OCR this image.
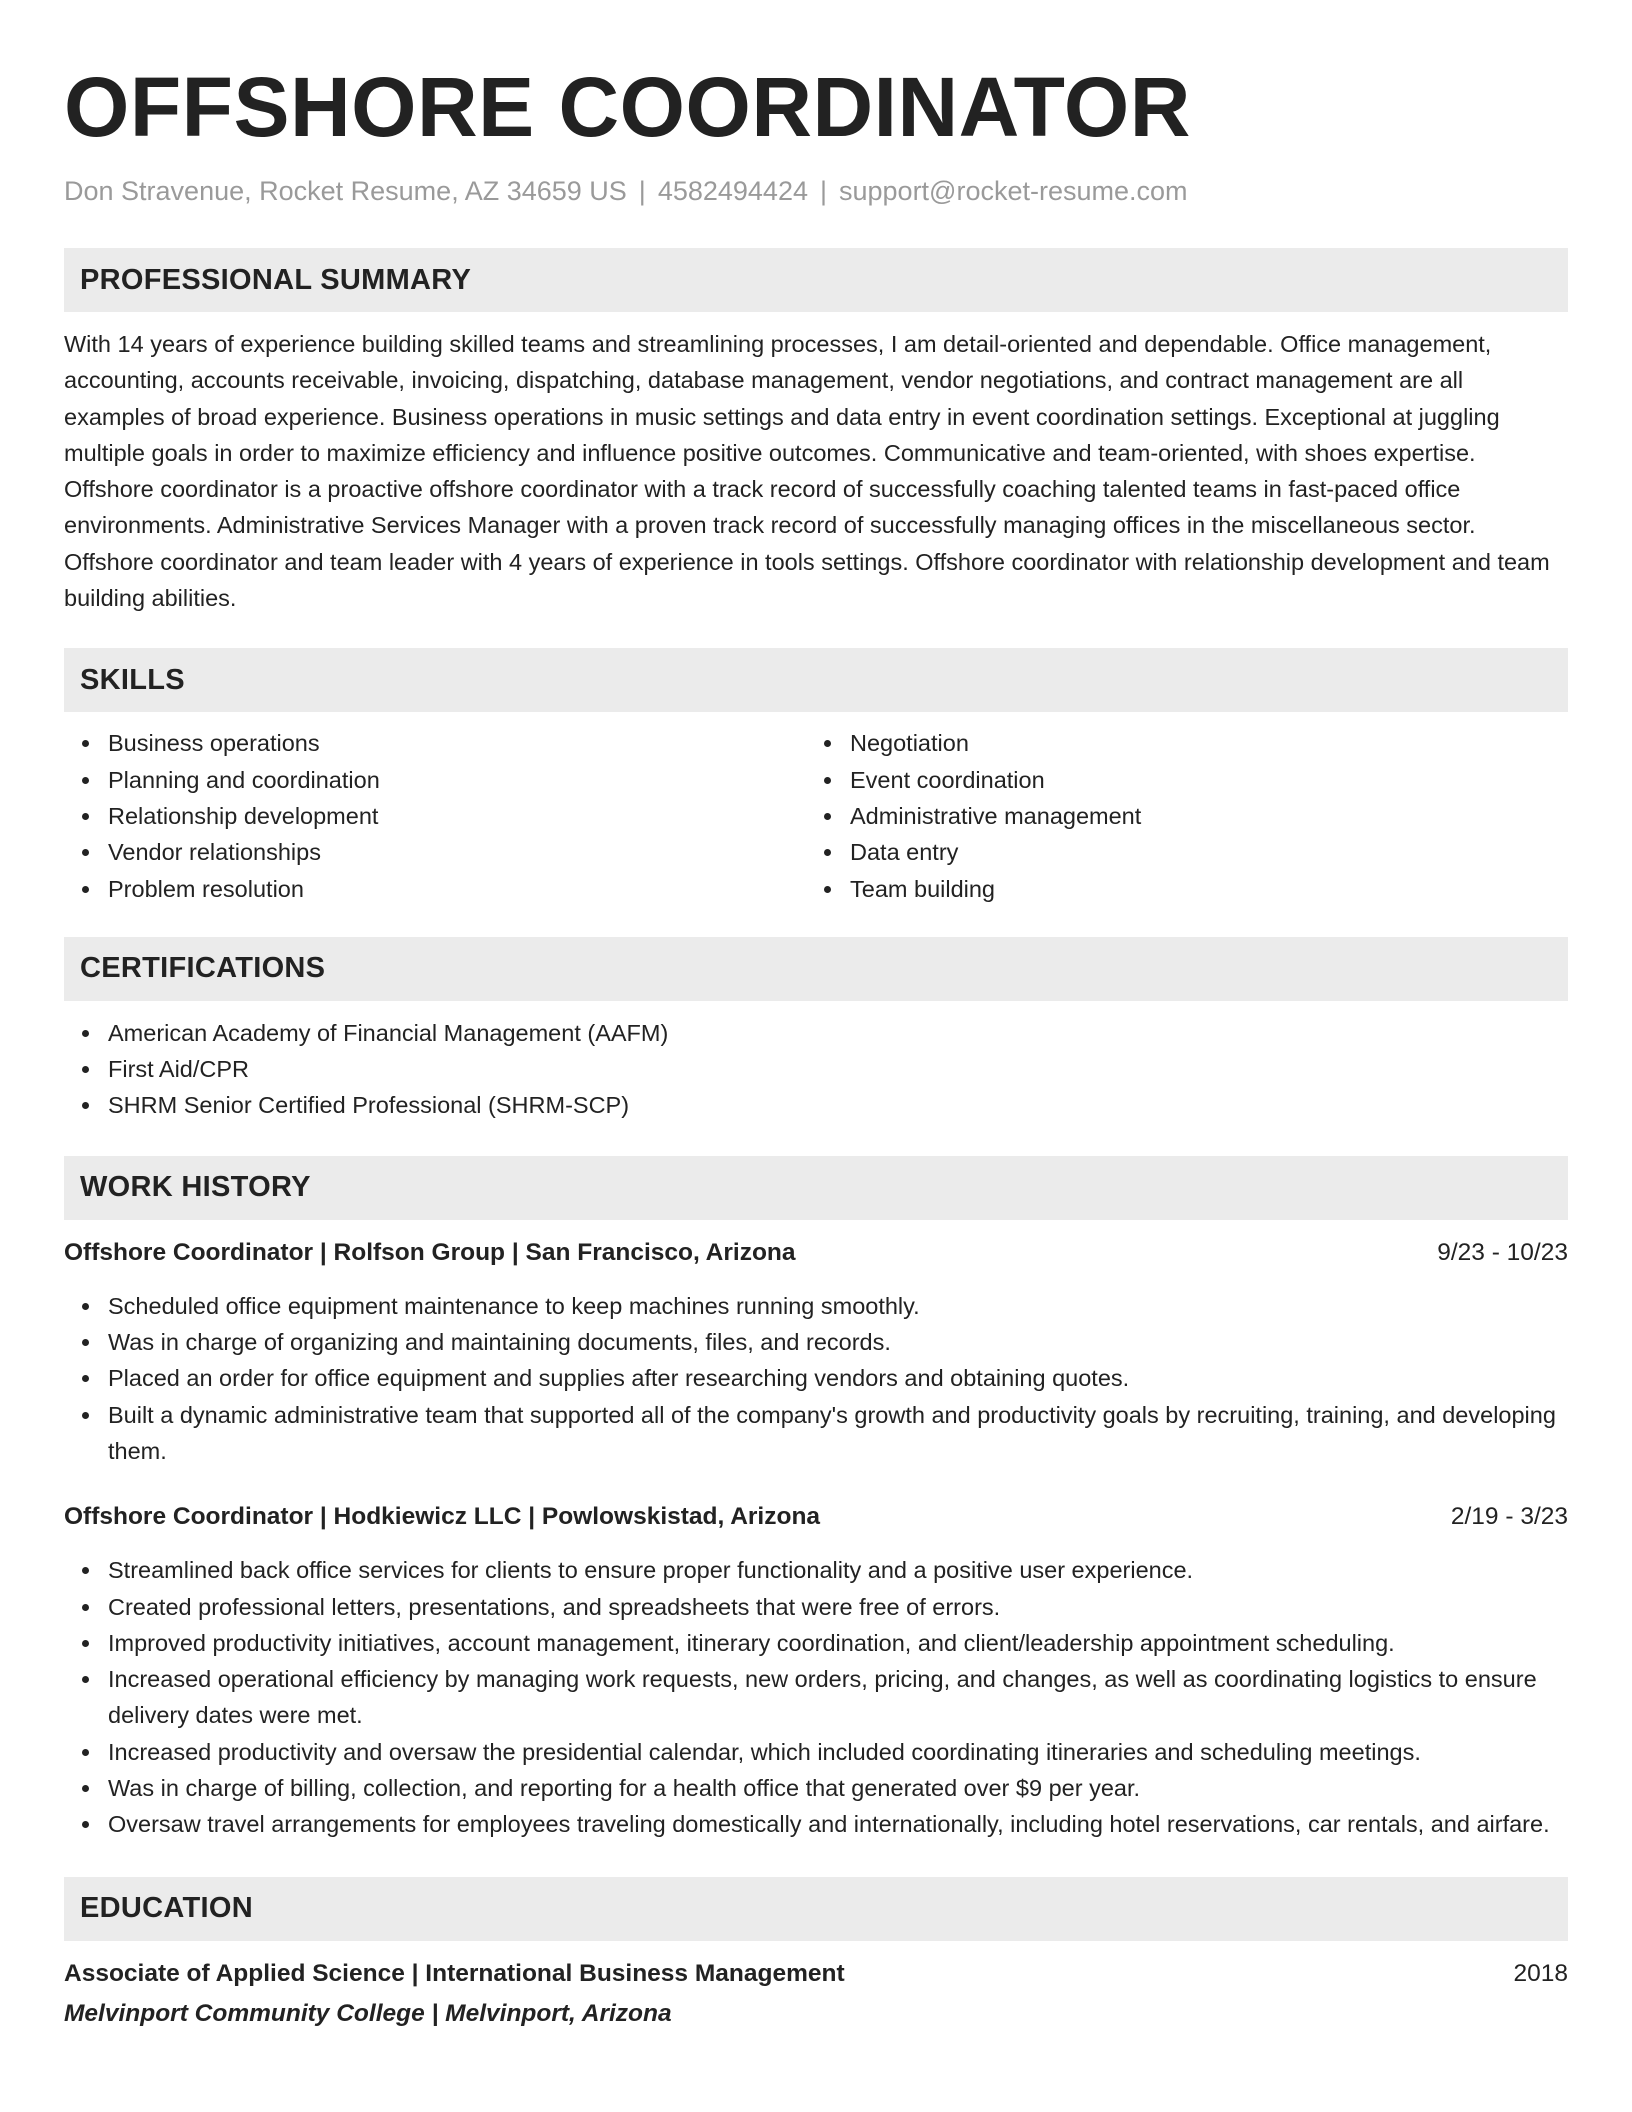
OFFSHORE COORDINATOR
Don Stravenue, Rocket Resume, AZ 34659 US | 4582494424 | support@rocket-resume.com
PROFESSIONAL SUMMARY

With 14 years of experience building skilled teams and streamlining processes, I am detail-oriented and dependable. Office management, accounting, accounts receivable, invoicing, dispatching, database management, vendor negotiations, and contract management are all examples of broad experience. Business operations in music settings and data entry in event coordination settings. Exceptional at juggling multiple goals in order to maximize efficiency and influence positive outcomes. Communicative and team-oriented, with shoes expertise. Offshore coordinator is a proactive offshore coordinator with a track record of successfully coaching talented teams in fast-paced office environments. Administrative Services Manager with a proven track record of successfully managing offices in the miscellaneous sector. Offshore coordinator and team leader with 4 years of experience in tools settings. Offshore coordinator with relationship development and team building abilities.

SKILLS
Business operations
Planning and coordination
Relationship development
Vendor relationships
Problem resolution
Negotiation
Event coordination
Administrative management
Data entry
Team building
CERTIFICATIONS
American Academy of Financial Management (AAFM)
First Aid/CPR
SHRM Senior Certified Professional (SHRM-SCP)
WORK HISTORY
Offshore Coordinator | Rolfson Group | San Francisco, Arizona	9/23 - 10/23
Scheduled office equipment maintenance to keep machines running smoothly.
Was in charge of organizing and maintaining documents, files, and records.
Placed an order for office equipment and supplies after researching vendors and obtaining quotes.
Built a dynamic administrative team that supported all of the company's growth and productivity goals by recruiting, training, and developing them.
Offshore Coordinator | Hodkiewicz LLC | Powlowskistad, Arizona	2/19 - 3/23
Streamlined back office services for clients to ensure proper functionality and a positive user experience.
Created professional letters, presentations, and spreadsheets that were free of errors.
Improved productivity initiatives, account management, itinerary coordination, and client/leadership appointment scheduling.
Increased operational efficiency by managing work requests, new orders, pricing, and changes, as well as coordinating logistics to ensure delivery dates were met.
Increased productivity and oversaw the presidential calendar, which included coordinating itineraries and scheduling meetings.
Was in charge of billing, collection, and reporting for a health office that generated over $9 per year.
Oversaw travel arrangements for employees traveling domestically and internationally, including hotel reservations, car rentals, and airfare.
EDUCATION
Associate of Applied Science | International Business Management	2018
Melvinport Community College | Melvinport, Arizona
